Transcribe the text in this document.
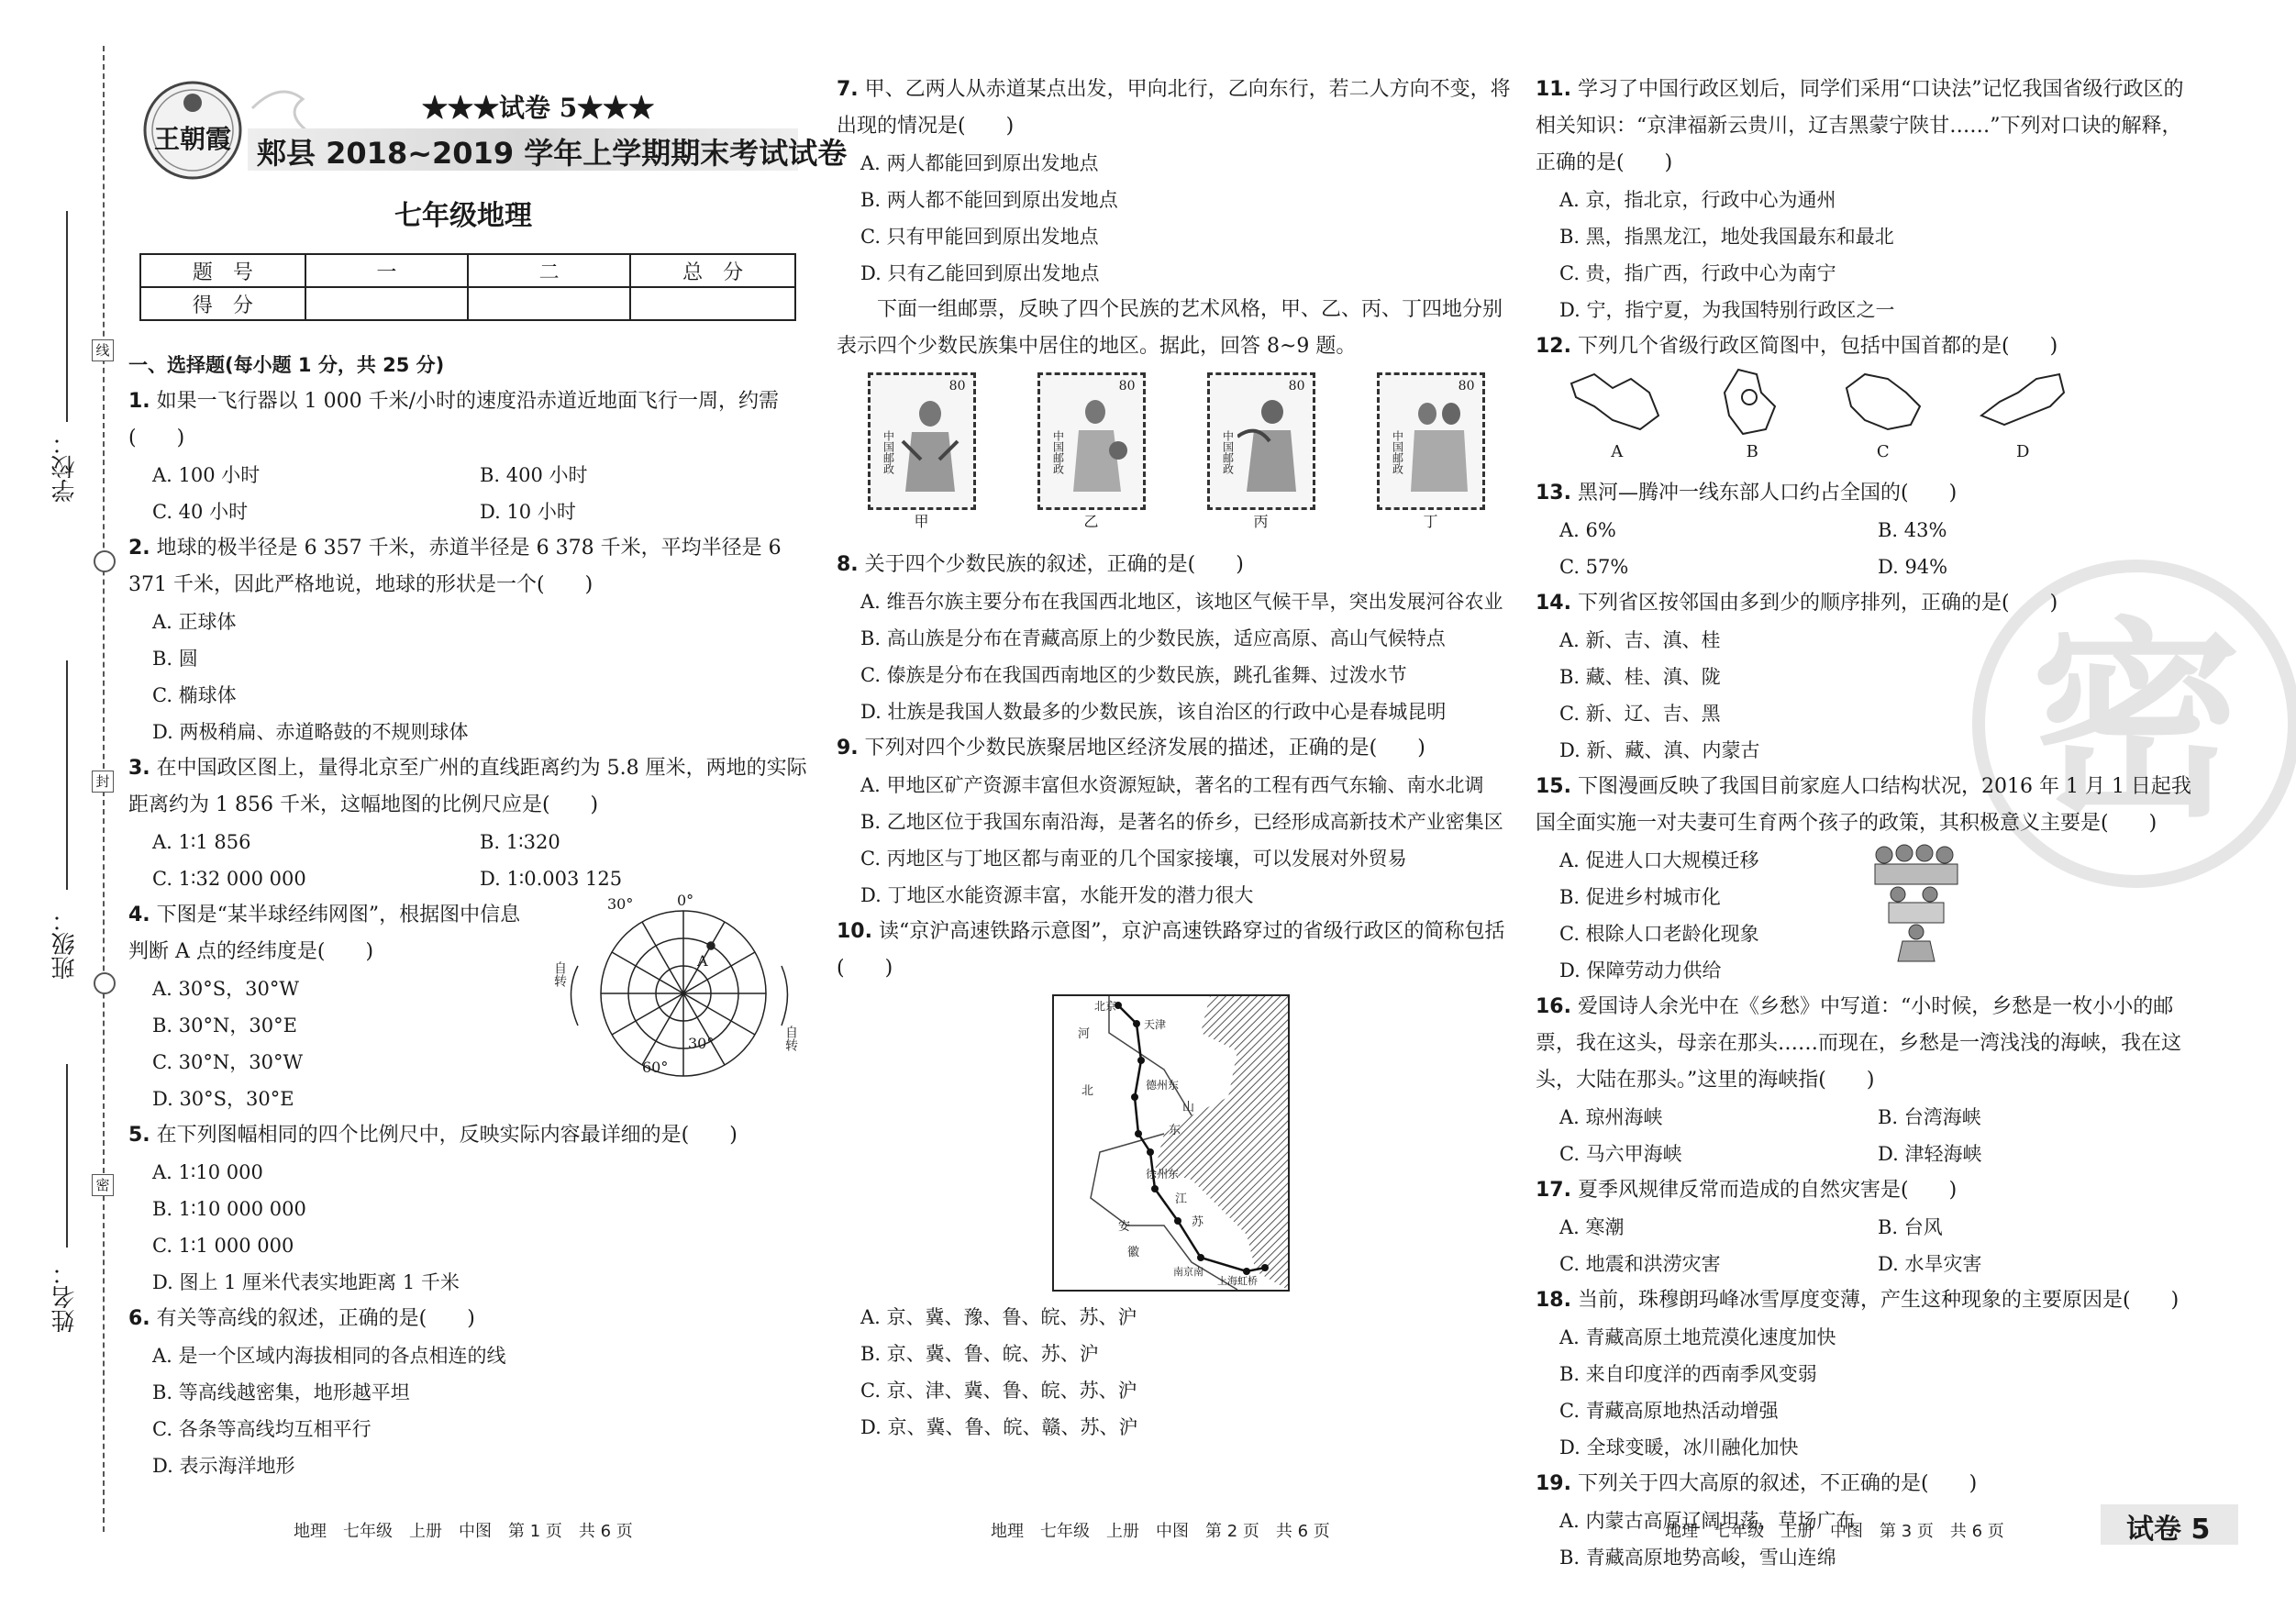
学校：
班级：
姓名：
线
封
密
密
王朝霞
★★★试卷 5★★★
郏县 2018~2019 学年上学期期末考试试卷
七年级地理
题　号	一	二	总　分
得　分			
一、选择题(每小题 1 分，共 25 分)
1. 如果一飞行器以 1 000 千米/小时的速度沿赤道近地面飞行一周，约需(　　)
A. 100 小时	B. 400 小时
C. 40 小时	D. 10 小时
2. 地球的极半径是 6 357 千米，赤道半径是 6 378 千米，平均半径是 6 371 千米，因此严格地说，地球的形状是一个(　　)
A. 正球体
B. 圆
C. 椭球体
D. 两极稍扁、赤道略鼓的不规则球体
3. 在中国政区图上，量得北京至广州的直线距离约为 5.8 厘米，两地的实际距离约为 1 856 千米，这幅地图的比例尺应是(　　)
A. 1∶1 856	B. 1∶320
C. 1∶32 000 000	D. 1∶0.003 125
4. 下图是“某半球经纬网图”，根据图中信息判断 A 点的经纬度是(　　)
A. 30°S，30°W
B. 30°N，30°E
C. 30°N，30°W
D. 30°S，30°E
30°	0°
A
30°
60°
自转
自转
5. 在下列图幅相同的四个比例尺中，反映实际内容最详细的是(　　)
A. 1∶10 000
B. 1∶10 000 000
C. 1∶1 000 000
D. 图上 1 厘米代表实地距离 1 千米
6. 有关等高线的叙述，正确的是(　　)
A. 是一个区域内海拔相同的各点相连的线
B. 等高线越密集，地形越平坦
C. 各条等高线均互相平行
D. 表示海洋地形
7. 甲、乙两人从赤道某点出发，甲向北行，乙向东行，若二人方向不变，将出现的情况是(　　)
A. 两人都能回到原出发地点
B. 两人都不能回到原出发地点
C. 只有甲能回到原出发地点
D. 只有乙能回到原出发地点
下面一组邮票，反映了四个民族的艺术风格，甲、乙、丙、丁四地分别表示四个少数民族集中居住的地区。据此，回答 8~9 题。
80
中国邮政
甲
80
中国邮政
乙
80
中国邮政
丙
80
中国邮政
丁
8. 关于四个少数民族的叙述，正确的是(　　)
A. 维吾尔族主要分布在我国西北地区，该地区气候干旱，突出发展河谷农业
B. 高山族是分布在青藏高原上的少数民族，适应高原、高山气候特点
C. 傣族是分布在我国西南地区的少数民族，跳孔雀舞、过泼水节
D. 壮族是我国人数最多的少数民族，该自治区的行政中心是春城昆明
9. 下列对四个少数民族聚居地区经济发展的描述，正确的是(　　)
A. 甲地区矿产资源丰富但水资源短缺，著名的工程有西气东输、南水北调
B. 乙地区位于我国东南沿海，是著名的侨乡，已经形成高新技术产业密集区
C. 丙地区与丁地区都与南亚的几个国家接壤，可以发展对外贸易
D. 丁地区水能资源丰富，水能开发的潜力很大
10. 读“京沪高速铁路示意图”，京沪高速铁路穿过的省级行政区的简称包括(　　)
北京
天津
德州东
河
北
山
东
徐州东
江
苏
安
徽
南京南
上海虹桥
A. 京、冀、豫、鲁、皖、苏、沪
B. 京、冀、鲁、皖、苏、沪
C. 京、津、冀、鲁、皖、苏、沪
D. 京、冀、鲁、皖、赣、苏、沪
11. 学习了中国行政区划后，同学们采用“口诀法”记忆我国省级行政区的相关知识：“京津福新云贵川，辽吉黑蒙宁陕甘……”下列对口诀的解释，正确的是(　　)
A. 京，指北京，行政中心为通州
B. 黑，指黑龙江，地处我国最东和最北
C. 贵，指广西，行政中心为南宁
D. 宁，指宁夏，为我国特别行政区之一
12. 下列几个省级行政区简图中，包括中国首都的是(　　)
A	B	C	D
13. 黑河—腾冲一线东部人口约占全国的(　　)
A. 6%	B. 43%
C. 57%	D. 94%
14. 下列省区按邻国由多到少的顺序排列，正确的是(　　)
A. 新、吉、滇、桂
B. 藏、桂、滇、陇
C. 新、辽、吉、黑
D. 新、藏、滇、内蒙古
15. 下图漫画反映了我国目前家庭人口结构状况，2016 年 1 月 1 日起我国全面实施一对夫妻可生育两个孩子的政策，其积极意义主要是(　　)
A. 促进人口大规模迁移
B. 促进乡村城市化
C. 根除人口老龄化现象
D. 保障劳动力供给
16. 爱国诗人余光中在《乡愁》中写道：“小时候，乡愁是一枚小小的邮票，我在这头，母亲在那头……而现在，乡愁是一湾浅浅的海峡，我在这头，大陆在那头。”这里的海峡指(　　)
A. 琼州海峡	B. 台湾海峡
C. 马六甲海峡	D. 津轻海峡
17. 夏季风规律反常而造成的自然灾害是(　　)
A. 寒潮	B. 台风
C. 地震和洪涝灾害	D. 水旱灾害
18. 当前，珠穆朗玛峰冰雪厚度变薄，产生这种现象的主要原因是(　　)
A. 青藏高原土地荒漠化速度加快
B. 来自印度洋的西南季风变弱
C. 青藏高原地热活动增强
D. 全球变暖，冰川融化加快
19. 下列关于四大高原的叙述，不正确的是(　　)
A. 内蒙古高原辽阔坦荡，草场广布
B. 青藏高原地势高峻，雪山连绵
地理　七年级　上册　中图　第 1 页　共 6 页	地理　七年级　上册　中图　第 2 页　共 6 页	地理　七年级　上册　中图　第 3 页　共 6 页	试卷 5
